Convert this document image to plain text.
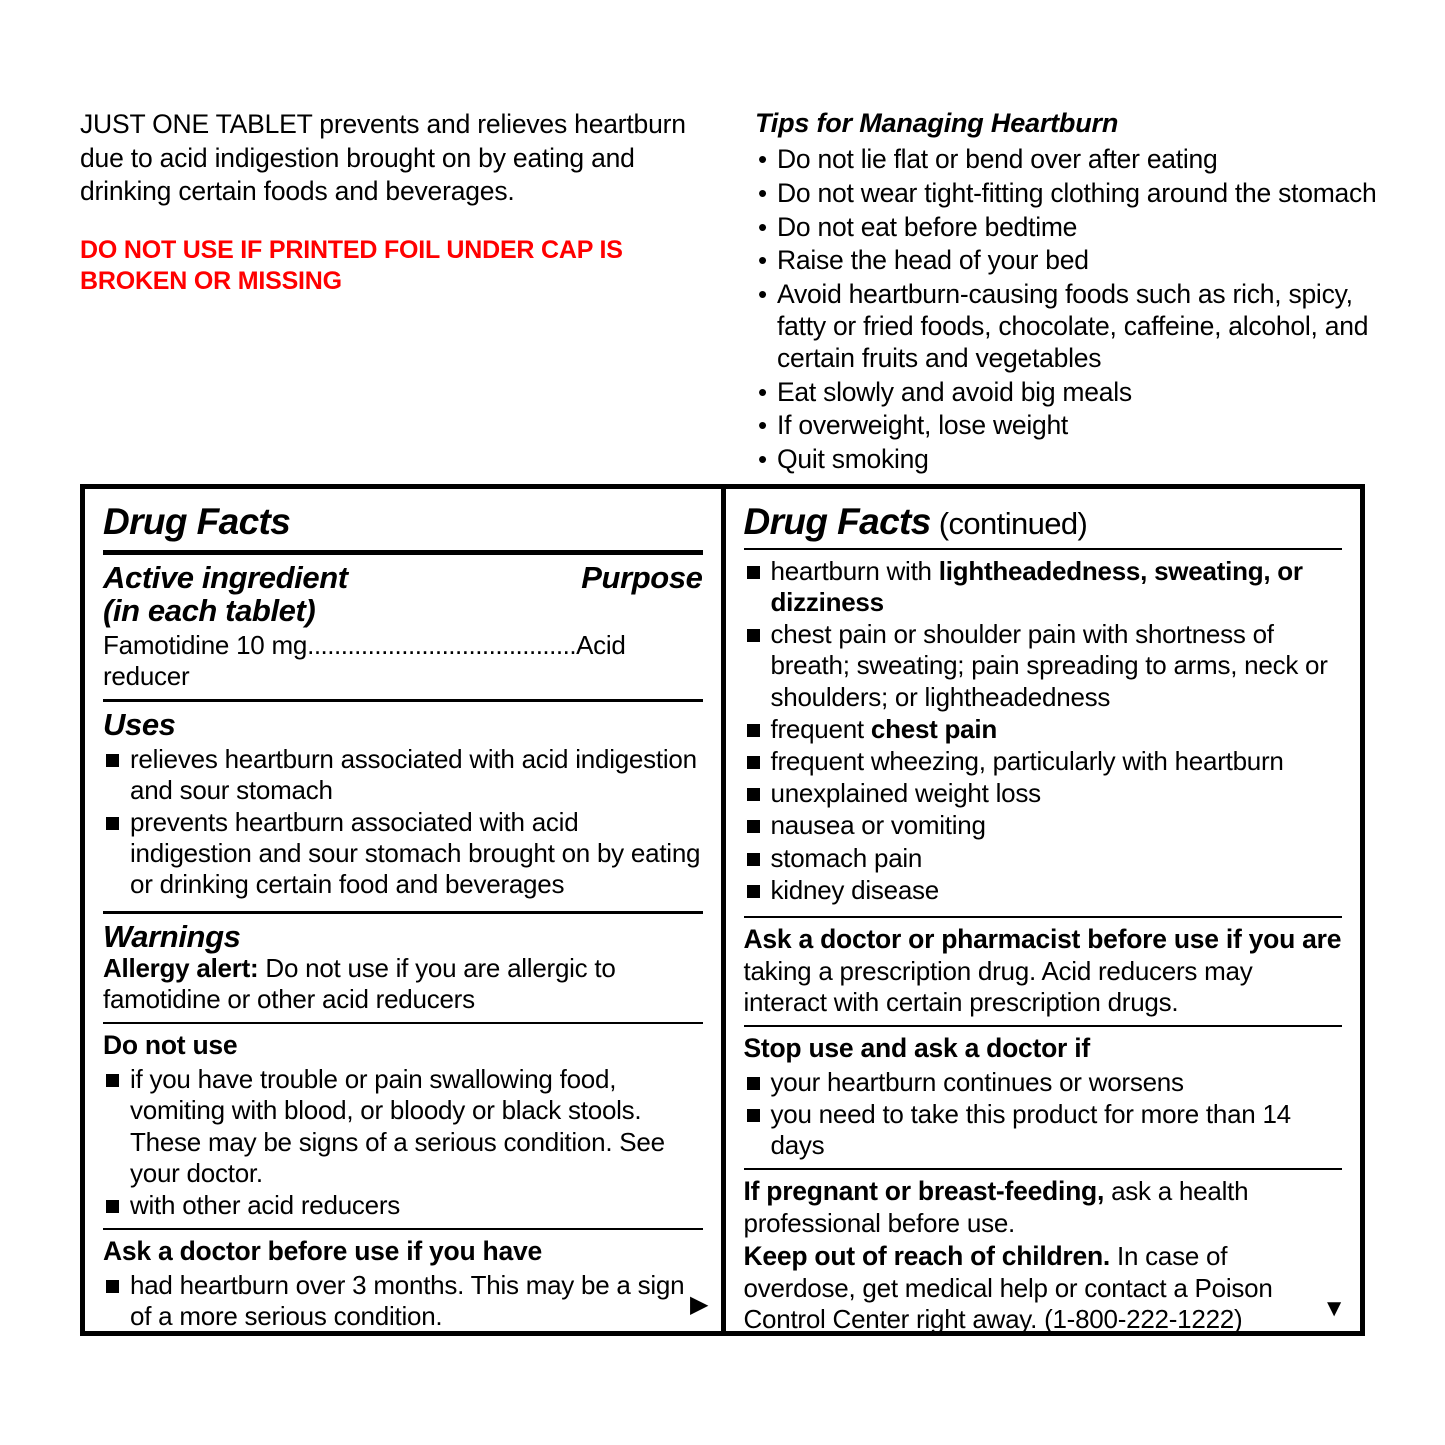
JUST ONE TABLET prevents and relieves heartburn due to acid indigestion brought on by eating and drinking certain foods and beverages.

DO NOT USE IF PRINTED FOIL UNDER CAP IS BROKEN OR MISSING

Tips for Managing Heartburn
• Do not lie flat or bend over after eating
• Do not wear tight-fitting clothing around the stomach
• Do not eat before bedtime
• Raise the head of your bed
• Avoid heartburn-causing foods such as rich, spicy, fatty or fried foods, chocolate, caffeine, alcohol, and certain fruits and vegetables
• Eat slowly and avoid big meals
• If overweight, lose weight
• Quit smoking
Drug Facts
Active ingredient
(in each tablet)
Purpose
Famotidine 10 mg........................................Acid reducer
Uses
relieves heartburn associated with acid indigestion and sour stomach
prevents heartburn associated with acid indigestion and sour stomach brought on by eating or drinking certain food and beverages
Warnings
Allergy alert: Do not use if you are allergic to famotidine or other acid reducers
Do not use
if you have trouble or pain swallowing food, vomiting with blood, or bloody or black stools. These may be signs of a serious condition. See your doctor.
with other acid reducers
Ask a doctor before use if you have
had heartburn over 3 months. This may be a sign of a more serious condition.	▶
Drug Facts (continued)
heartburn with lightheadedness, sweating, or dizziness
chest pain or shoulder pain with shortness of breath; sweating; pain spreading to arms, neck or shoulders; or lightheadedness
frequent chest pain
frequent wheezing, particularly with heartburn
unexplained weight loss
nausea or vomiting
stomach pain
kidney disease
Ask a doctor or pharmacist before use if you are taking a prescription drug. Acid reducers may interact with certain prescription drugs.
Stop use and ask a doctor if
your heartburn continues or worsens
you need to take this product for more than 14 days
If pregnant or breast-feeding, ask a health professional before use.
Keep out of reach of children. In case of overdose, get medical help or contact a Poison Control Center right away. (1-800-222-1222)	▼
